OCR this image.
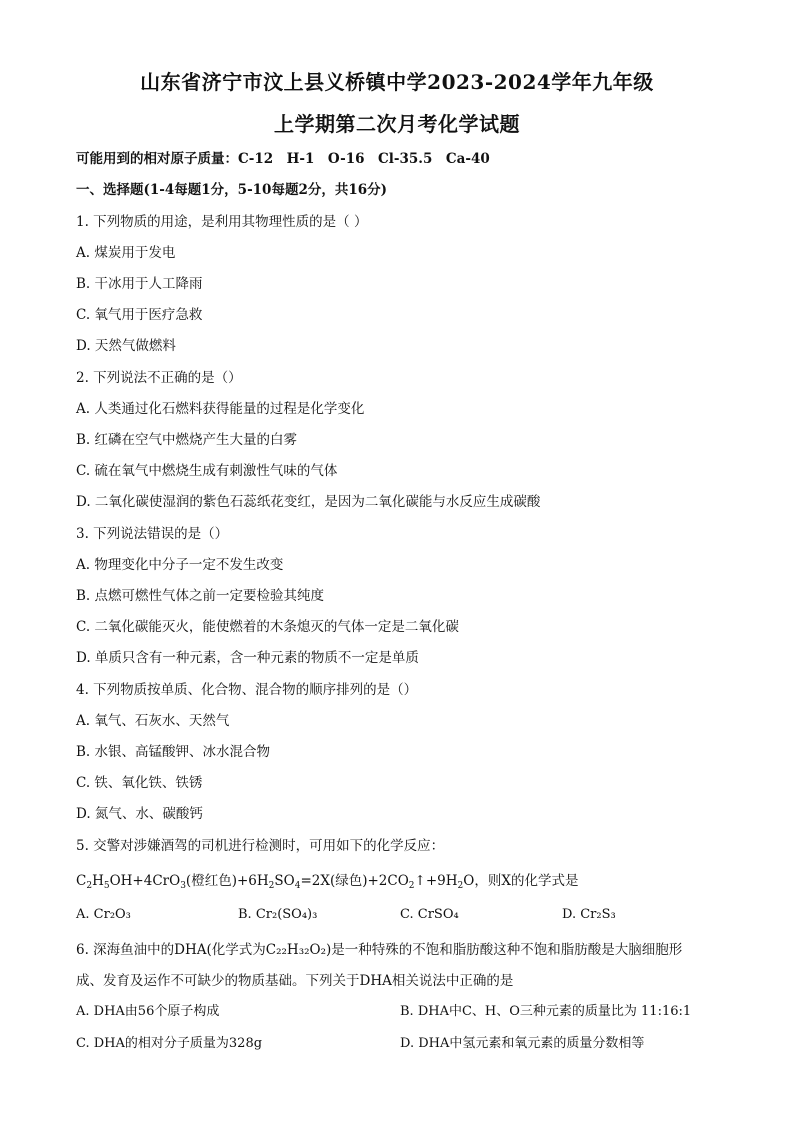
山东省济宁市汶上县义桥镇中学2023-2024学年九年级
上学期第二次月考化学试题
可能用到的相对原子质量：C-12　H-1　O-16　Cl-35.5　Ca-40
一、选择题(1-4每题1分，5-10每题2分，共16分)
1. 下列物质的用途，是利用其物理性质的是（ ）
A. 煤炭用于发电
B. 干冰用于人工降雨
C. 氧气用于医疗急救
D. 天然气做燃料
2. 下列说法不正确的是（）
A. 人类通过化石燃料获得能量的过程是化学变化
B. 红磷在空气中燃烧产生大量的白雾
C. 硫在氧气中燃烧生成有刺激性气味的气体
D. 二氧化碳使湿润的紫色石蕊纸花变红，是因为二氧化碳能与水反应生成碳酸
3. 下列说法错误的是（）
A. 物理变化中分子一定不发生改变
B. 点燃可燃性气体之前一定要检验其纯度
C. 二氧化碳能灭火，能使燃着的木条熄灭的气体一定是二氧化碳
D. 单质只含有一种元素，含一种元素的物质不一定是单质
4. 下列物质按单质、化合物、混合物的顺序排列的是（）
A. 氧气、石灰水、天然气
B. 水银、高锰酸钾、冰水混合物
C. 铁、氧化铁、铁锈
D. 氮气、水、碳酸钙
5. 交警对涉嫌酒驾的司机进行检测时，可用如下的化学反应：
$C_2H_5OH+4CrO_3$(橙红色)$+6H_2SO_4=2X$(绿色)$+2CO_2↑+9H_2O$，则X的化学式是
A. Cr₂O₃	B. Cr₂(SO₄)₃	C. CrSO₄	D. Cr₂S₃
6. 深海鱼油中的DHA(化学式为C₂₂H₃₂O₂)是一种特殊的不饱和脂肪酸这种不饱和脂肪酸是大脑细胞形
成、发育及运作不可缺少的物质基础。下列关于DHA相关说法中正确的是
A. DHA由56个原子构成	B. DHA中C、H、O三种元素的质量比为 11:16:1
C. DHA的相对分子质量为328g	D. DHA中氢元素和氧元素的质量分数相等
